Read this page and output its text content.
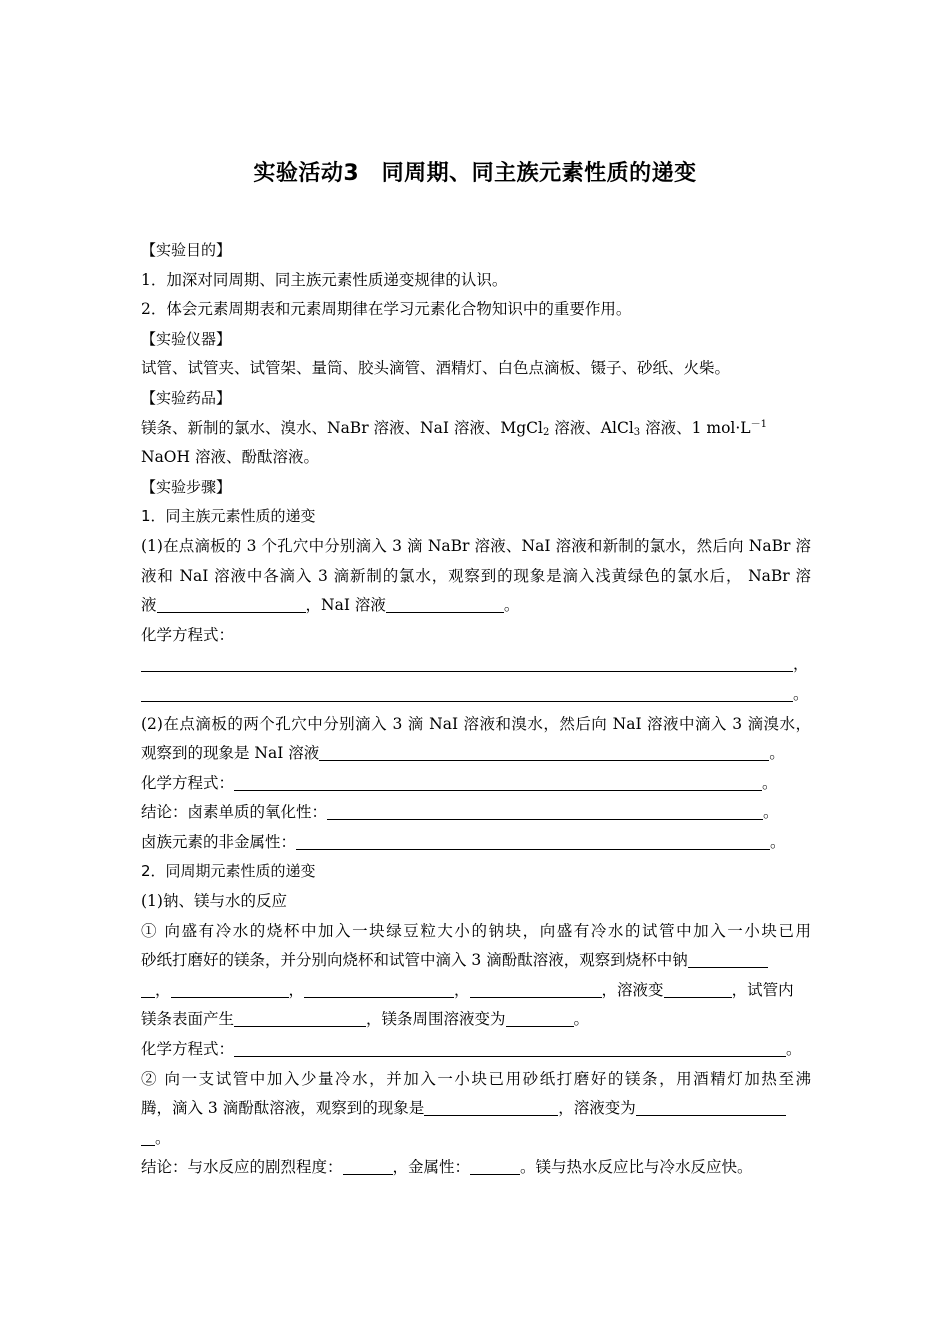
实验活动3　同周期、同主族元素性质的递变
【实验目的】
1．加深对同周期、同主族元素性质递变规律的认识。
2．体会元素周期表和元素周期律在学习元素化合物知识中的重要作用。
【实验仪器】
试管、试管夹、试管架、量筒、胶头滴管、酒精灯、白色点滴板、镊子、砂纸、火柴。
【实验药品】
镁条、新制的氯水、溴水、NaBr 溶液、NaI 溶液、MgCl$_2$ 溶液、AlCl$_3$ 溶液、1 $mol\cdot L^{-1}$
NaOH 溶液、酚酞溶液。
【实验步骤】
1．同主族元素性质的递变
(1)在点滴板的 3 个孔穴中分别滴入 3 滴 NaBr 溶液、NaI 溶液和新制的氯水，然后向 NaBr 溶
液和 NaI 溶液中各滴入 3 滴新制的氯水，观察到的现象是滴入浅黄绿色的氯水后， NaBr 溶
液	，NaI 溶液	。
化学方程式：
，
。
(2)在点滴板的两个孔穴中分别滴入 3 滴 NaI 溶液和溴水，然后向 NaI 溶液中滴入 3 滴溴水，
观察到的现象是 NaI 溶液	。
化学方程式：	。
结论：卤素单质的氧化性：	。
卤族元素的非金属性：	。
2．同周期元素性质的递变
(1)钠、镁与水的反应
① 向盛有冷水的烧杯中加入一块绿豆粒大小的钠块，向盛有冷水的试管中加入一小块已用
砂纸打磨好的镁条，并分别向烧杯和试管中滴入 3 滴酚酞溶液，观察到烧杯中钠
，	，	，	，溶液变	，试管内
镁条表面产生	，镁条周围溶液变为	。
化学方程式：	。
② 向一支试管中加入少量冷水，并加入一小块已用砂纸打磨好的镁条，用酒精灯加热至沸
腾，滴入 3 滴酚酞溶液，观察到的现象是	，溶液变为
。
结论：与水反应的剧烈程度：	，金属性：	。镁与热水反应比与冷水反应快。
